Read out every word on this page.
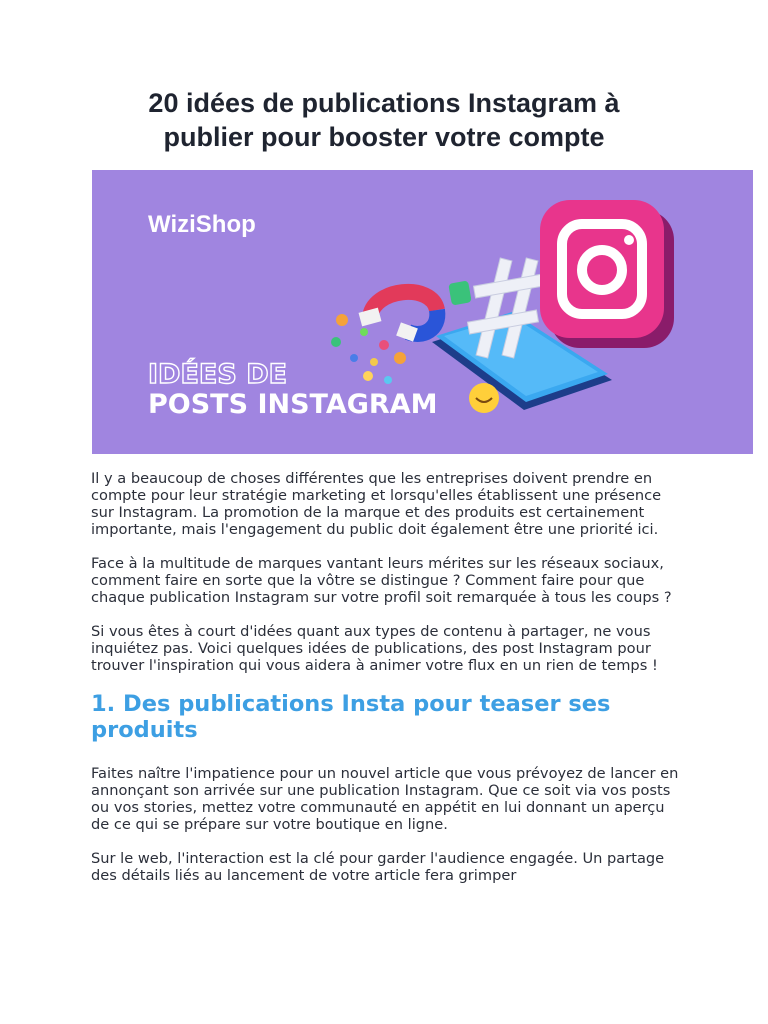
20 idées de publications Instagram à
publier pour booster votre compte
WiziShop
IDÉES DE
POSTS INSTAGRAM

Il y a beaucoup de choses différentes que les entreprises doivent prendre en compte pour leur stratégie marketing et lorsqu'elles établissent une présence sur Instagram. La promotion de la marque et des produits est certainement importante, mais l'engagement du public doit également être une priorité ici.

Face à la multitude de marques vantant leurs mérites sur les réseaux sociaux, comment faire en sorte que la vôtre se distingue ? Comment faire pour que chaque publication Instagram sur votre profil soit remarquée à tous les coups ?

Si vous êtes à court d'idées quant aux types de contenu à partager, ne vous inquiétez pas. Voici quelques idées de publications, des post Instagram pour trouver l'inspiration qui vous aidera à animer votre flux en un rien de temps !

1. Des publications Insta pour teaser ses produits

Faites naître l'impatience pour un nouvel article que vous prévoyez de lancer en annonçant son arrivée sur une publication Instagram. Que ce soit via vos posts ou vos stories, mettez votre communauté en appétit en lui donnant un aperçu de ce qui se prépare sur votre boutique en ligne.

Sur le web, l'interaction est la clé pour garder l'audience engagée. Un partage des détails liés au lancement de votre article fera grimper
